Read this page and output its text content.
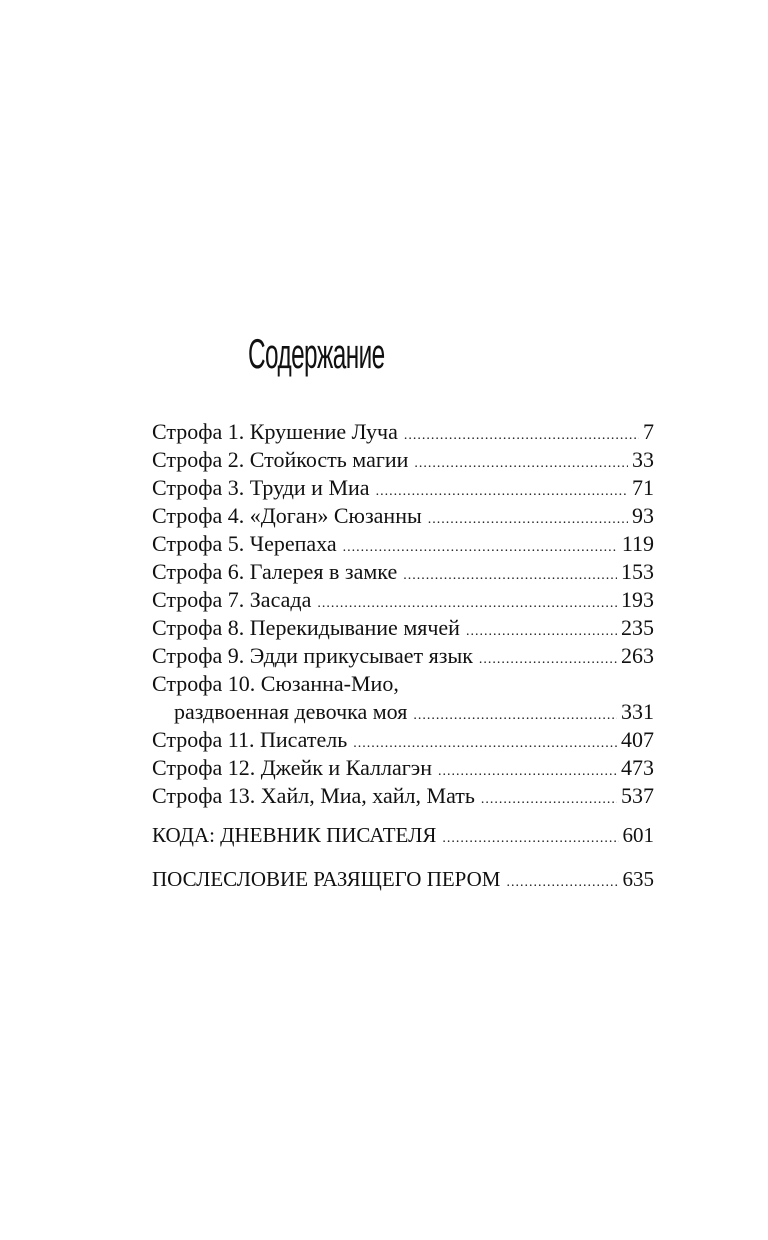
Содержание
Строфа 1. Крушение Луча .....	7
Строфа 2. Стойкость магии .....	33
Строфа 3. Труди и Миа .....	71
Строфа 4. «Доган» Сюзанны .....	93
Строфа 5. Черепаха .....	119
Строфа 6. Галерея в замке .....	153
Строфа 7. Засада .....	193
Строфа 8. Перекидывание мячей .....	235
Строфа 9. Эдди прикусывает язык .....	263
Строфа 10. Сюзанна-Мио,
раздвоенная девочка моя .....	331
Строфа 11. Писатель .....	407
Строфа 12. Джейк и Каллагэн .....	473
Строфа 13. Хайл, Миа, хайл, Мать .....	537
КОДА: ДНЕВНИК ПИСАТЕЛЯ .....	601
ПОСЛЕСЛОВИЕ РАЗЯЩЕГО ПЕРОМ .....	635
